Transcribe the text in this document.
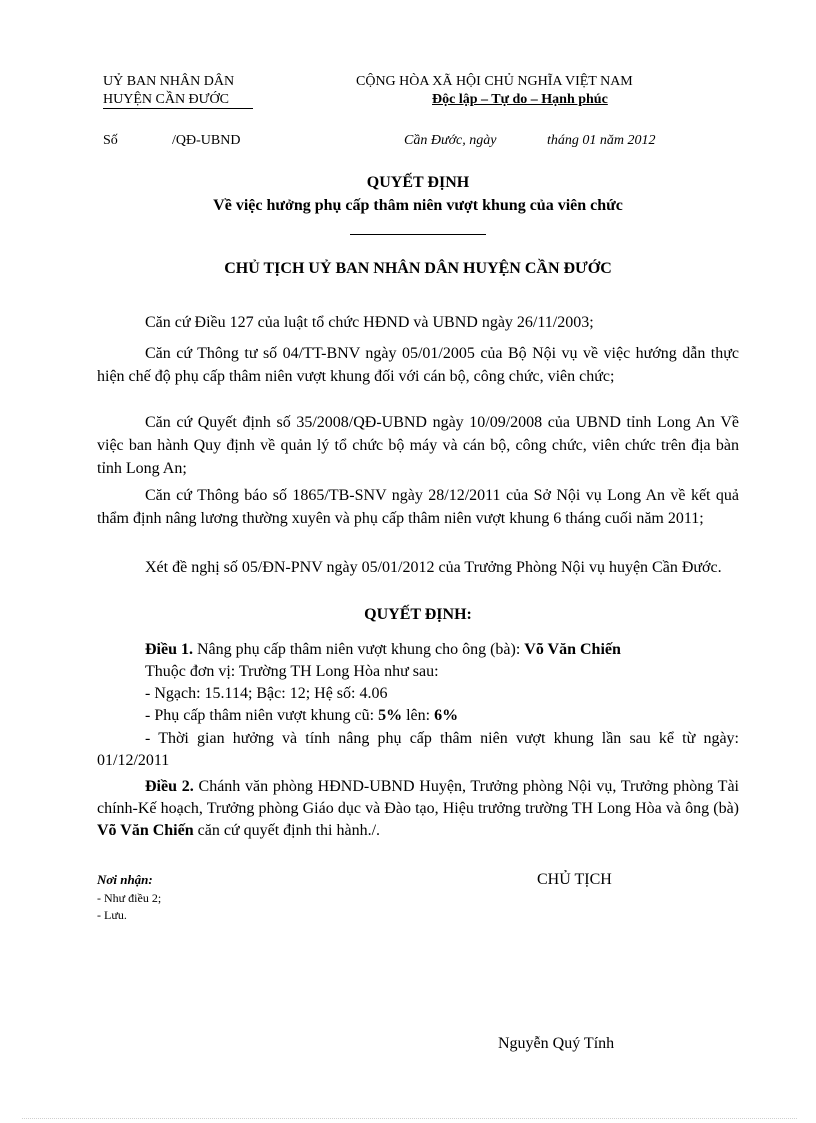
UỶ BAN NHÂN DÂN
HUYỆN CẦN ĐƯỚC
CỘNG HÒA XÃ HỘI CHỦ NGHĨA VIỆT NAM
Độc lập – Tự do – Hạnh phúc
Số	/QĐ-UBND	Cần Đước, ngày	tháng 01 năm 2012
QUYẾT ĐỊNH
Về việc hưởng phụ cấp thâm niên vượt khung của viên chức
CHỦ TỊCH UỶ BAN NHÂN DÂN HUYỆN CẦN ĐƯỚC
Căn cứ Điều 127 của luật tổ chức HĐND và UBND ngày 26/11/2003;
Căn cứ Thông tư số 04/TT-BNV ngày 05/01/2005 của Bộ Nội vụ về việc hướng dẫn thực hiện chế độ phụ cấp thâm niên vượt khung đối với cán bộ, công chức, viên chức;
Căn cứ Quyết định số 35/2008/QĐ-UBND ngày 10/09/2008 của UBND tỉnh Long An Về việc ban hành Quy định về quản lý tổ chức bộ máy và cán bộ, công chức, viên chức trên địa bàn tỉnh Long An;
Căn cứ Thông báo số 1865/TB-SNV ngày 28/12/2011 của Sở Nội vụ Long An về kết quả thẩm định nâng lương thường xuyên và phụ cấp thâm niên vượt khung 6 tháng cuối năm 2011;
Xét đề nghị số 05/ĐN-PNV ngày 05/01/2012 của Trưởng Phòng Nội vụ huyện Cần Đước.
QUYẾT ĐỊNH:
Điều 1. Nâng phụ cấp thâm niên vượt khung cho ông (bà): Võ Văn Chiến
Thuộc đơn vị: Trường TH Long Hòa như sau:
- Ngạch: 15.114; Bậc: 12; Hệ số: 4.06
- Phụ cấp thâm niên vượt khung cũ: 5% lên: 6%
- Thời gian hưởng và tính nâng phụ cấp thâm niên vượt khung lần sau kể từ ngày: 01/12/2011
Điều 2. Chánh văn phòng HĐND-UBND Huyện, Trưởng phòng Nội vụ, Trưởng phòng Tài chính-Kế hoạch, Trưởng phòng Giáo dục và Đào tạo, Hiệu trưởng trường TH Long Hòa và ông (bà) Võ Văn Chiến căn cứ quyết định thi hành./.
Nơi nhận:
- Như điều 2;
- Lưu.
CHỦ TỊCH
Nguyễn Quý Tính
